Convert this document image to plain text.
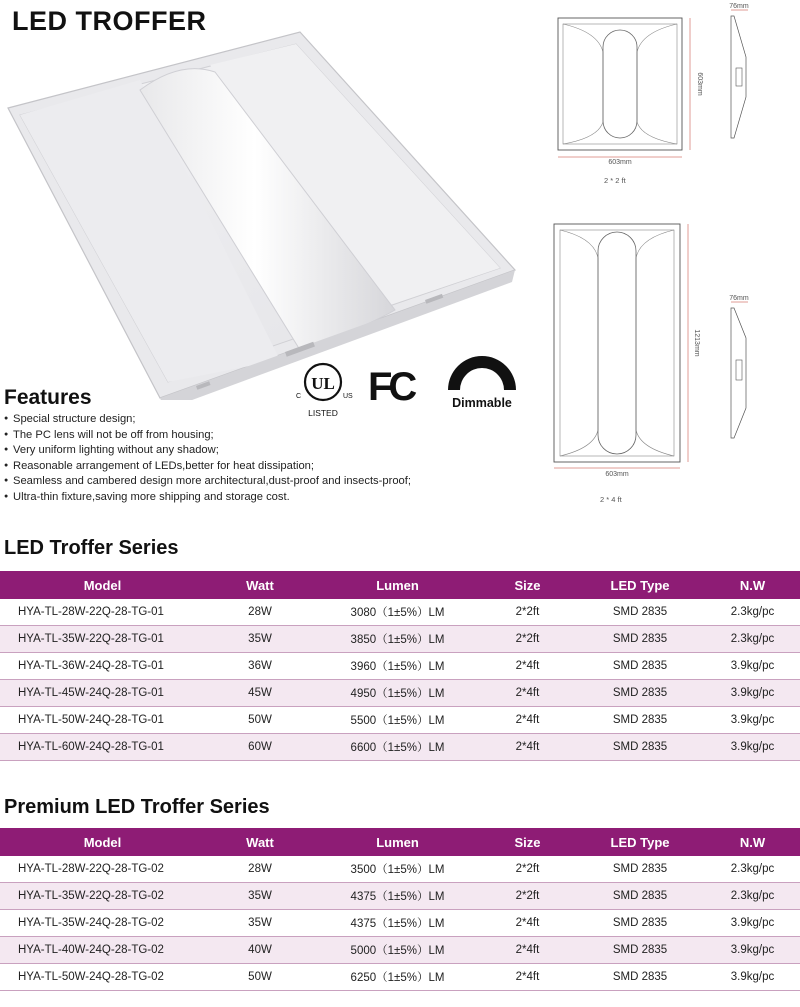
LED TROFFER
UL
C	US
LISTED
FC	Dimmable
Features
● Special structure design;
● The PC lens will not be off from housing;
● Very uniform lighting without any shadow;
● Reasonable arrangement of LEDs,better for heat dissipation;
● Seamless and cambered design more architectural,dust-proof and insects-proof;
● Ultra-thin fixture,saving more shipping and storage cost.
603mm
603mm
76mm
2 * 2 ft
603mm
1213mm
76mm
2 * 4 ft
LED Troffer Series
Model	Watt	Lumen	Size	LED Type	N.W
HYA-TL-28W-22Q-28-TG-01	28W	3080（1±5%）LM	2*2ft	SMD 2835	2.3kg/pc
HYA-TL-35W-22Q-28-TG-01	35W	3850（1±5%）LM	2*2ft	SMD 2835	2.3kg/pc
HYA-TL-36W-24Q-28-TG-01	36W	3960（1±5%）LM	2*4ft	SMD 2835	3.9kg/pc
HYA-TL-45W-24Q-28-TG-01	45W	4950（1±5%）LM	2*4ft	SMD 2835	3.9kg/pc
HYA-TL-50W-24Q-28-TG-01	50W	5500（1±5%）LM	2*4ft	SMD 2835	3.9kg/pc
HYA-TL-60W-24Q-28-TG-01	60W	6600（1±5%）LM	2*4ft	SMD 2835	3.9kg/pc
Premium LED Troffer Series
Model	Watt	Lumen	Size	LED Type	N.W
HYA-TL-28W-22Q-28-TG-02	28W	3500（1±5%）LM	2*2ft	SMD 2835	2.3kg/pc
HYA-TL-35W-22Q-28-TG-02	35W	4375（1±5%）LM	2*2ft	SMD 2835	2.3kg/pc
HYA-TL-35W-24Q-28-TG-02	35W	4375（1±5%）LM	2*4ft	SMD 2835	3.9kg/pc
HYA-TL-40W-24Q-28-TG-02	40W	5000（1±5%）LM	2*4ft	SMD 2835	3.9kg/pc
HYA-TL-50W-24Q-28-TG-02	50W	6250（1±5%）LM	2*4ft	SMD 2835	3.9kg/pc
